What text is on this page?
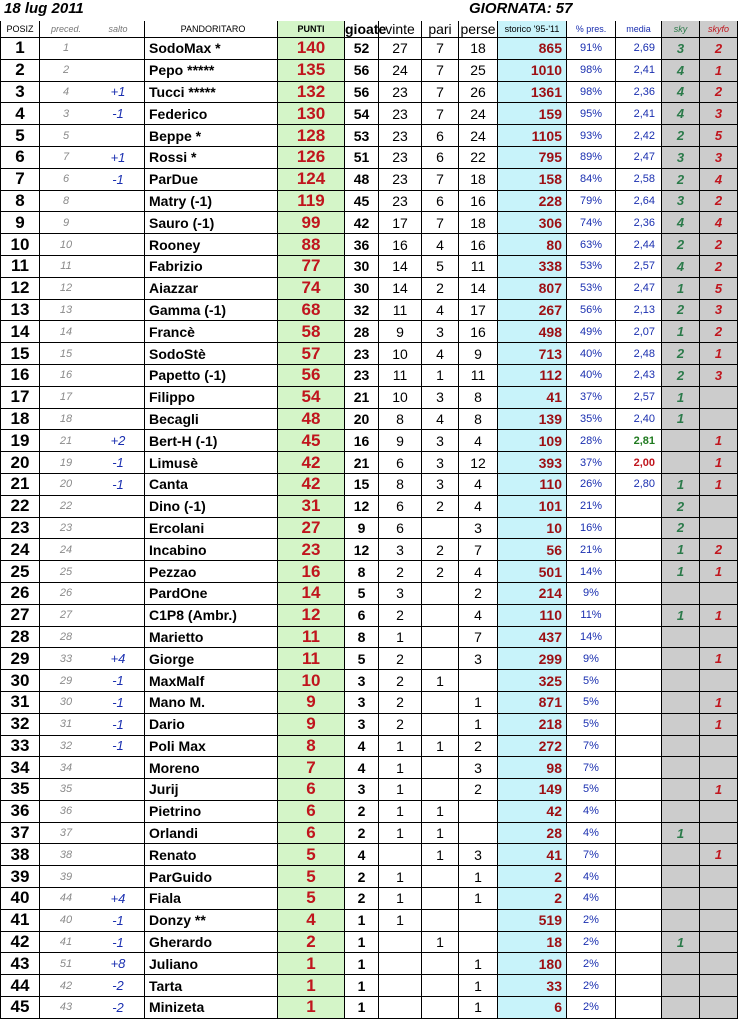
18 lug 2011	GIORNATA: 57
POSIZ	preced.	salto	PANDORITARO	PUNTI	gioate	vinte	pari	perse	storico '95-'11	% pres.	media	sky	skyfo
1	1		SodoMax *	140	52	27	7	18	865	91%	2,69	3	2
2	2		Pepo *****	135	56	24	7	25	1010	98%	2,41	4	1
3	4	+1	Tucci *****	132	56	23	7	26	1361	98%	2,36	4	2
4	3	-1	Federico	130	54	23	7	24	159	95%	2,41	4	3
5	5		Beppe *	128	53	23	6	24	1105	93%	2,42	2	5
6	7	+1	Rossi *	126	51	23	6	22	795	89%	2,47	3	3
7	6	-1	ParDue	124	48	23	7	18	158	84%	2,58	2	4
8	8		Matry (-1)	119	45	23	6	16	228	79%	2,64	3	2
9	9		Sauro (-1)	99	42	17	7	18	306	74%	2,36	4	4
10	10		Rooney	88	36	16	4	16	80	63%	2,44	2	2
11	11		Fabrizio	77	30	14	5	11	338	53%	2,57	4	2
12	12		Aiazzar	74	30	14	2	14	807	53%	2,47	1	5
13	13		Gamma (-1)	68	32	11	4	17	267	56%	2,13	2	3
14	14		Francè	58	28	9	3	16	498	49%	2,07	1	2
15	15		SodoStè	57	23	10	4	9	713	40%	2,48	2	1
16	16		Papetto (-1)	56	23	11	1	11	112	40%	2,43	2	3
17	17		Filippo	54	21	10	3	8	41	37%	2,57	1	
18	18		Becagli	48	20	8	4	8	139	35%	2,40	1	
19	21	+2	Bert-H (-1)	45	16	9	3	4	109	28%	2,81		1
20	19	-1	Limusè	42	21	6	3	12	393	37%	2,00		1
21	20	-1	Canta	42	15	8	3	4	110	26%	2,80	1	1
22	22		Dino (-1)	31	12	6	2	4	101	21%		2	
23	23		Ercolani	27	9	6		3	10	16%		2	
24	24		Incabino	23	12	3	2	7	56	21%		1	2
25	25		Pezzao	16	8	2	2	4	501	14%		1	1
26	26		PardOne	14	5	3		2	214	9%			
27	27		C1P8 (Ambr.)	12	6	2		4	110	11%		1	1
28	28		Marietto	11	8	1		7	437	14%			
29	33	+4	Giorge	11	5	2		3	299	9%			1
30	29	-1	MaxMalf	10	3	2	1		325	5%			
31	30	-1	Mano M.	9	3	2		1	871	5%			1
32	31	-1	Dario	9	3	2		1	218	5%			1
33	32	-1	Poli Max	8	4	1	1	2	272	7%			
34	34		Moreno	7	4	1		3	98	7%			
35	35		Jurij	6	3	1		2	149	5%			1
36	36		Pietrino	6	2	1	1		42	4%			
37	37		Orlandi	6	2	1	1		28	4%		1	
38	38		Renato	5	4		1	3	41	7%			1
39	39		ParGuido	5	2	1		1	2	4%			
40	44	+4	Fiala	5	2	1		1	2	4%			
41	40	-1	Donzy **	4	1	1			519	2%			
42	41	-1	Gherardo	2	1		1		18	2%		1	
43	51	+8	Juliano	1	1			1	180	2%			
44	42	-2	Tarta	1	1			1	33	2%			
45	43	-2	Minizeta	1	1			1	6	2%			
